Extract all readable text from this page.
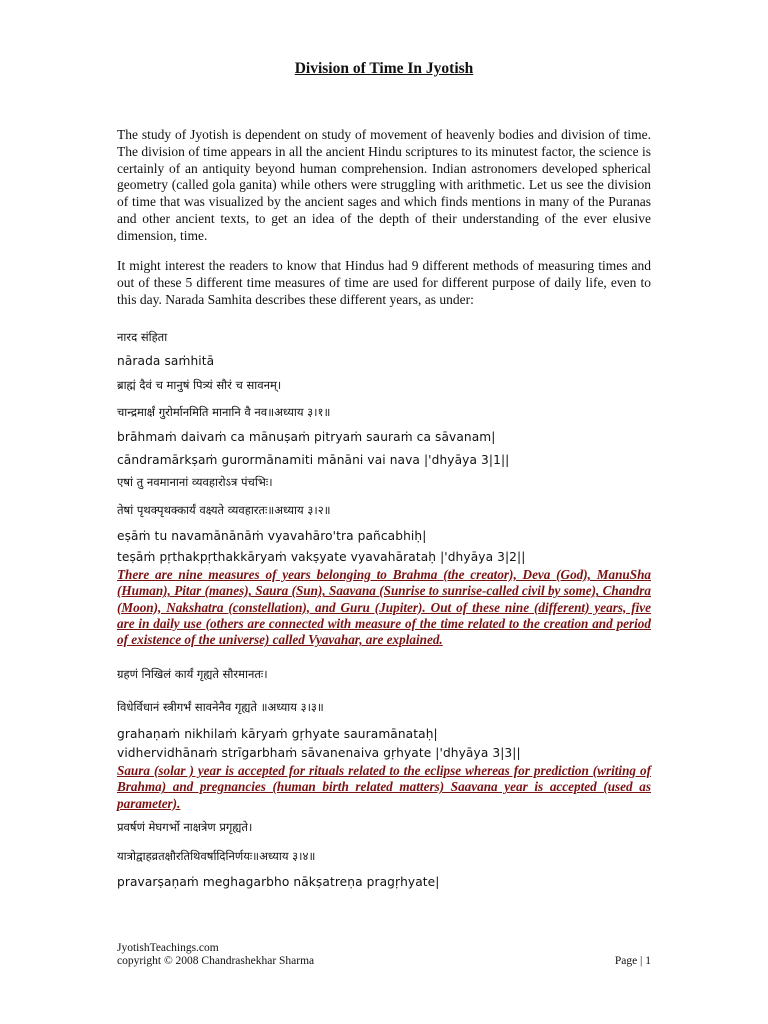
Division of Time In Jyotish

The study of Jyotish is dependent on study of movement of heavenly bodies and division of time. The division of time appears in all the ancient Hindu scriptures to its minutest factor, the science is certainly of an antiquity beyond human comprehension. Indian astronomers developed spherical geometry (called gola ganita) while others were struggling with arithmetic. Let us see the division of time that was visualized by the ancient sages and which finds mentions in many of the Puranas and other ancient texts, to get an idea of the depth of their understanding of the ever elusive dimension, time.

It might interest the readers to know that Hindus had 9 different methods of measuring times and out of these 5 different time measures of time are used for different purpose of daily life, even to this day. Narada Samhita describes these different years, as under:

नारद संहिता
nārada saṁhitā
ब्राह्मं दैवं च मानुषं पित्र्यं सौरं च सावनम्।
चान्द्रमार्क्षं गुरोर्मानमिति मानानि वै नव॥अध्याय ३।१॥
brāhmaṁ daivaṁ ca mānuṣaṁ pitryaṁ sauraṁ ca sāvanam|
cāndramārkṣaṁ gurormānamiti mānāni vai nava |'dhyāya 3|1||
एषां तु नवमानानां व्यवहारोऽत्र पंचभिः।
तेषां पृथक्पृथक्कार्यं वक्ष्यते व्यवहारतः॥अध्याय ३।२॥
eṣāṁ tu navamānānāṁ vyavahāro'tra pañcabhiḥ|
teṣāṁ pṛthakpṛthakkāryaṁ vakṣyate vyavahārataḥ |'dhyāya 3|2||

There are nine measures of years belonging to Brahma (the creator), Deva (God), ManuSha (Human), Pitar (manes), Saura (Sun), Saavana (Sunrise to sunrise-called civil by some), Chandra (Moon), Nakshatra (constellation), and Guru (Jupiter). Out of these nine (different) years, five are in daily use (others are connected with measure of the time related to the creation and period of existence of the universe) called Vyavahar, are explained.

ग्रहणं निखिलं कार्यं गृह्यते सौरमानतः।
विधेर्विधानं स्त्रीगर्भं सावनेनैव गृह्यते ॥अध्याय ३।३॥
grahaṇaṁ nikhilaṁ kāryaṁ gṛhyate sauramānataḥ|
vidhervidhānaṁ strīgarbhaṁ sāvanenaiva gṛhyate |'dhyāya 3|3||

Saura (solar ) year is accepted for rituals related to the eclipse whereas for prediction (writing of Brahma) and pregnancies (human birth related matters) Saavana year is accepted (used as parameter).

प्रवर्षणं मेघगर्भो नाक्षत्रेण प्रगृह्यते।
यात्रोद्वाहव्रतक्षौरतिथिवर्षादिनिर्णयः॥अध्याय ३।४॥
pravarṣaṇaṁ meghagarbho nākṣatreṇa pragṛhyate|
JyotishTeachings.com
copyright © 2008 Chandrashekhar Sharma	Page | 1
